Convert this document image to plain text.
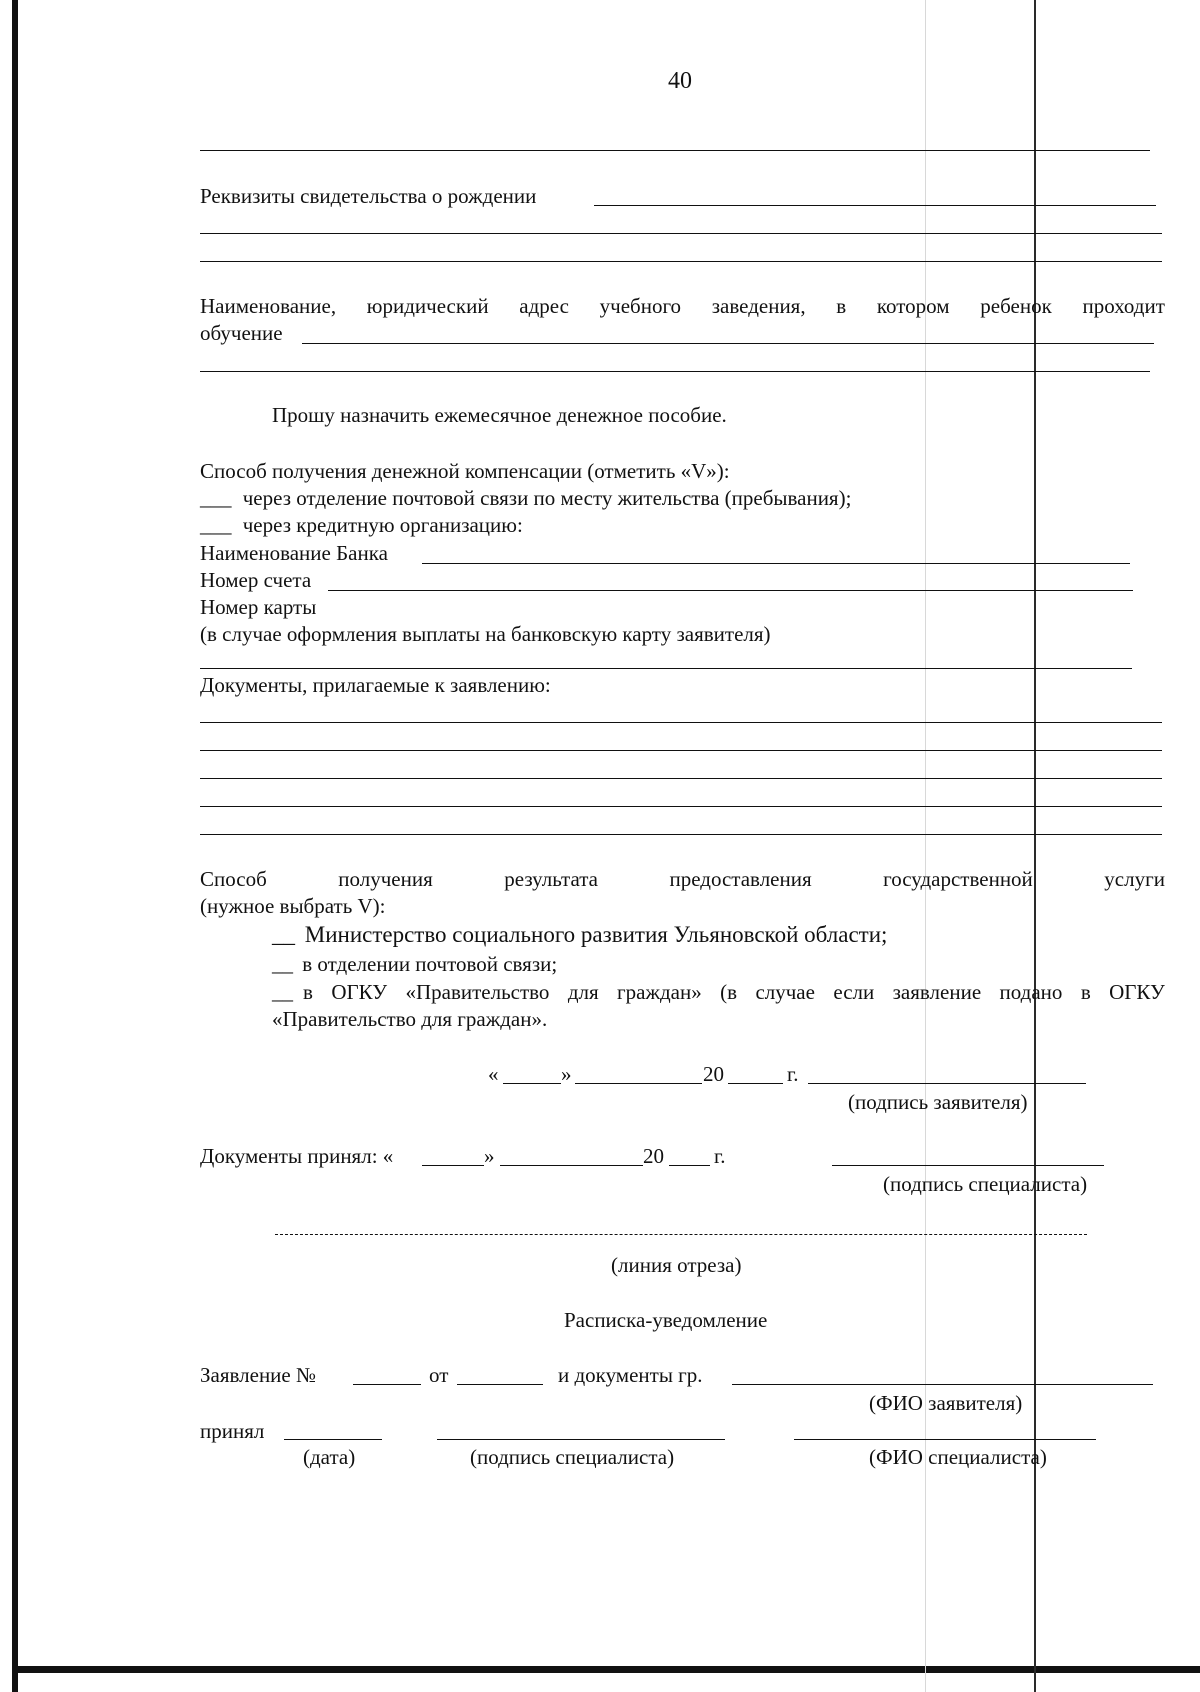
40
Реквизиты свидетельства о рождении
Наименование, юридический адрес учебного заведения, в котором ребенок проходит
обучение
Прошу назначить ежемесячное денежное пособие.
Способ получения денежной компенсации (отметить «V»):
___ через отделение почтовой связи по месту жительства (пребывания);
___ через кредитную организацию:
Наименование Банка
Номер счета
Номер карты
(в случае оформления выплаты на банковскую карту заявителя)
Документы, прилагаемые к заявлению:
Способ	получения	результата	предоставления	государственной	услуги
(нужное выбрать V):
__ Министерство социального развития Ульяновской области;
__ в отделении почтовой связи;
__ в ОГКУ «Правительство для граждан» (в случае если заявление подано в ОГКУ
«Правительство для граждан».
«	»	20	г.
(подпись заявителя)
Документы принял: «	»	20 г.
(подпись специалиста)
(линия отреза)
Расписка-уведомление
Заявление №	от	и документы гр.
(ФИО заявителя)
принял
(дата)	(подпись специалиста)	(ФИО специалиста)
